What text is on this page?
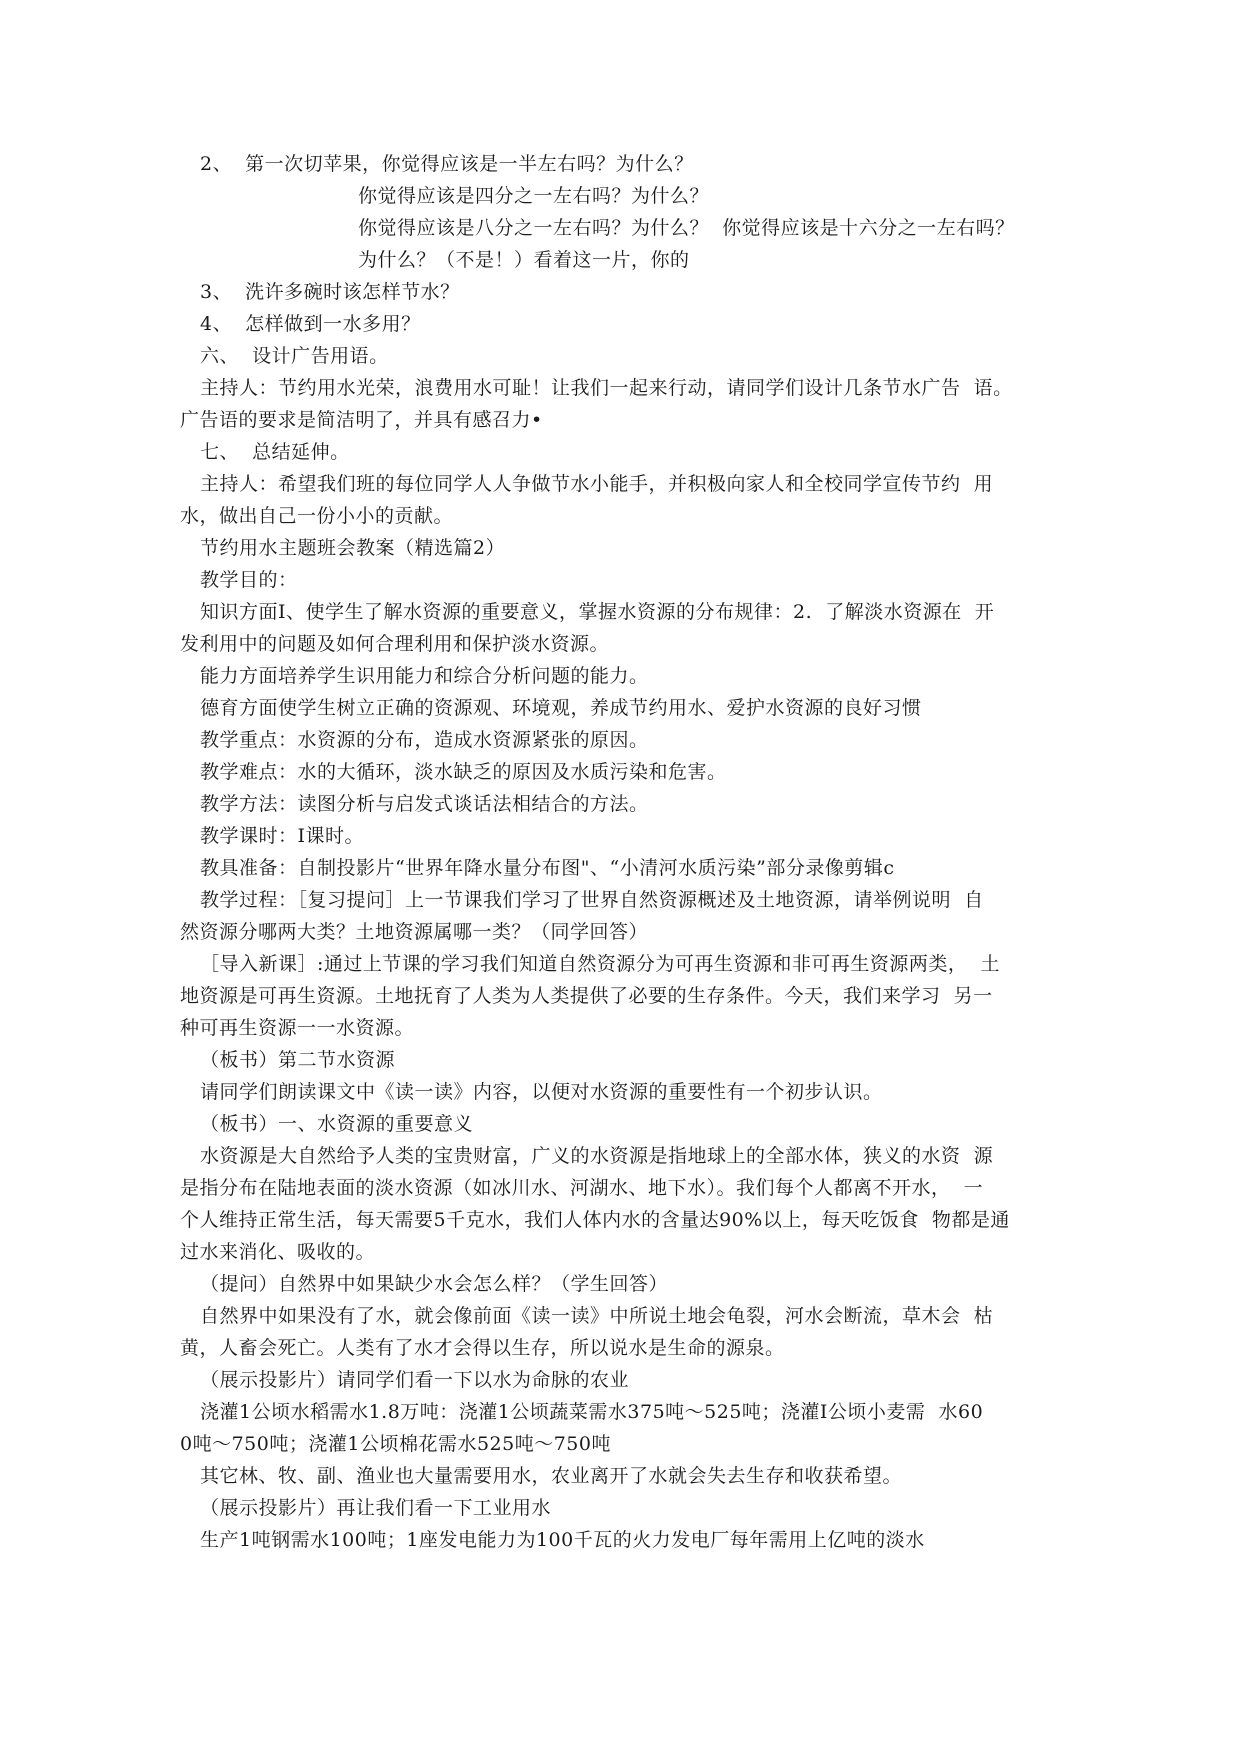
2、  第一次切苹果，你觉得应该是一半左右吗？为什么？
你觉得应该是四分之一左右吗？为什么？
你觉得应该是八分之一左右吗？为什么？  你觉得应该是十六分之一左右吗？
为什么？（不是！）看着这一片，你的
3、  洗许多碗时该怎样节水？
4、  怎样做到一水多用？
六、  设计广告用语。
主持人：节约用水光荣，浪费用水可耻！让我们一起来行动，请同学们设计几条节水广告  语。
广告语的要求是简洁明了，并具有感召力•
七、  总结延伸。
主持人：希望我们班的每位同学人人争做节水小能手，并积极向家人和全校同学宣传节约  用
水，做出自己一份小小的贡献。
节约用水主题班会教案（精选篇2）
教学目的：
知识方面I、使学生了解水资源的重要意义，掌握水资源的分布规律：2.  了解淡水资源在  开
发利用中的问题及如何合理利用和保护淡水资源。
能力方面培养学生识用能力和综合分析问题的能力。
德育方面使学生树立正确的资源观、环境观，养成节约用水、爱护水资源的良好习惯
教学重点：水资源的分布，造成水资源紧张的原因。
教学难点：水的大循环，淡水缺乏的原因及水质污染和危害。
教学方法：读图分析与启发式谈话法相结合的方法。
教学课时：I课时。
教具准备：自制投影片“世界年降水量分布图"、“小清河水质污染”部分录像剪辑c
教学过程：［复习提问］上一节课我们学习了世界自然资源概述及土地资源，请举例说明  自
然资源分哪两大类？土地资源属哪一类？（同学回答）
［导入新课］:通过上节课的学习我们知道自然资源分为可再生资源和非可再生资源两类，  土
地资源是可再生资源。土地抚育了人类为人类提供了必要的生存条件。今天，我们来学习  另一
种可再生资源一一水资源。
（板书）第二节水资源
请同学们朗读课文中《读一读》内容，以便对水资源的重要性有一个初步认识。
（板书）一、水资源的重要意义
水资源是大自然给予人类的宝贵财富，广义的水资源是指地球上的全部水体，狭义的水资  源
是指分布在陆地表面的淡水资源（如冰川水、河湖水、地下水）。我们每个人都离不开水，  一
个人维持正常生活，每天需要5千克水，我们人体内水的含量达90%以上，每天吃饭食  物都是通
过水来消化、吸收的。
（提问）自然界中如果缺少水会怎么样？（学生回答）
自然界中如果没有了水，就会像前面《读一读》中所说土地会龟裂，河水会断流，草木会  枯
黄，人畜会死亡。人类有了水才会得以生存，所以说水是生命的源泉。
（展示投影片）请同学们看一下以水为命脉的农业
浇灌1公顷水稻需水1.8万吨：浇灌1公顷蔬菜需水375吨～525吨；浇灌I公顷小麦需  水60
0吨～750吨；浇灌1公顷棉花需水525吨～750吨
其它林、牧、副、渔业也大量需要用水，农业离开了水就会失去生存和收获希望。
（展示投影片）再让我们看一下工业用水
生产1吨钢需水100吨；1座发电能力为100千瓦的火力发电厂每年需用上亿吨的淡水
